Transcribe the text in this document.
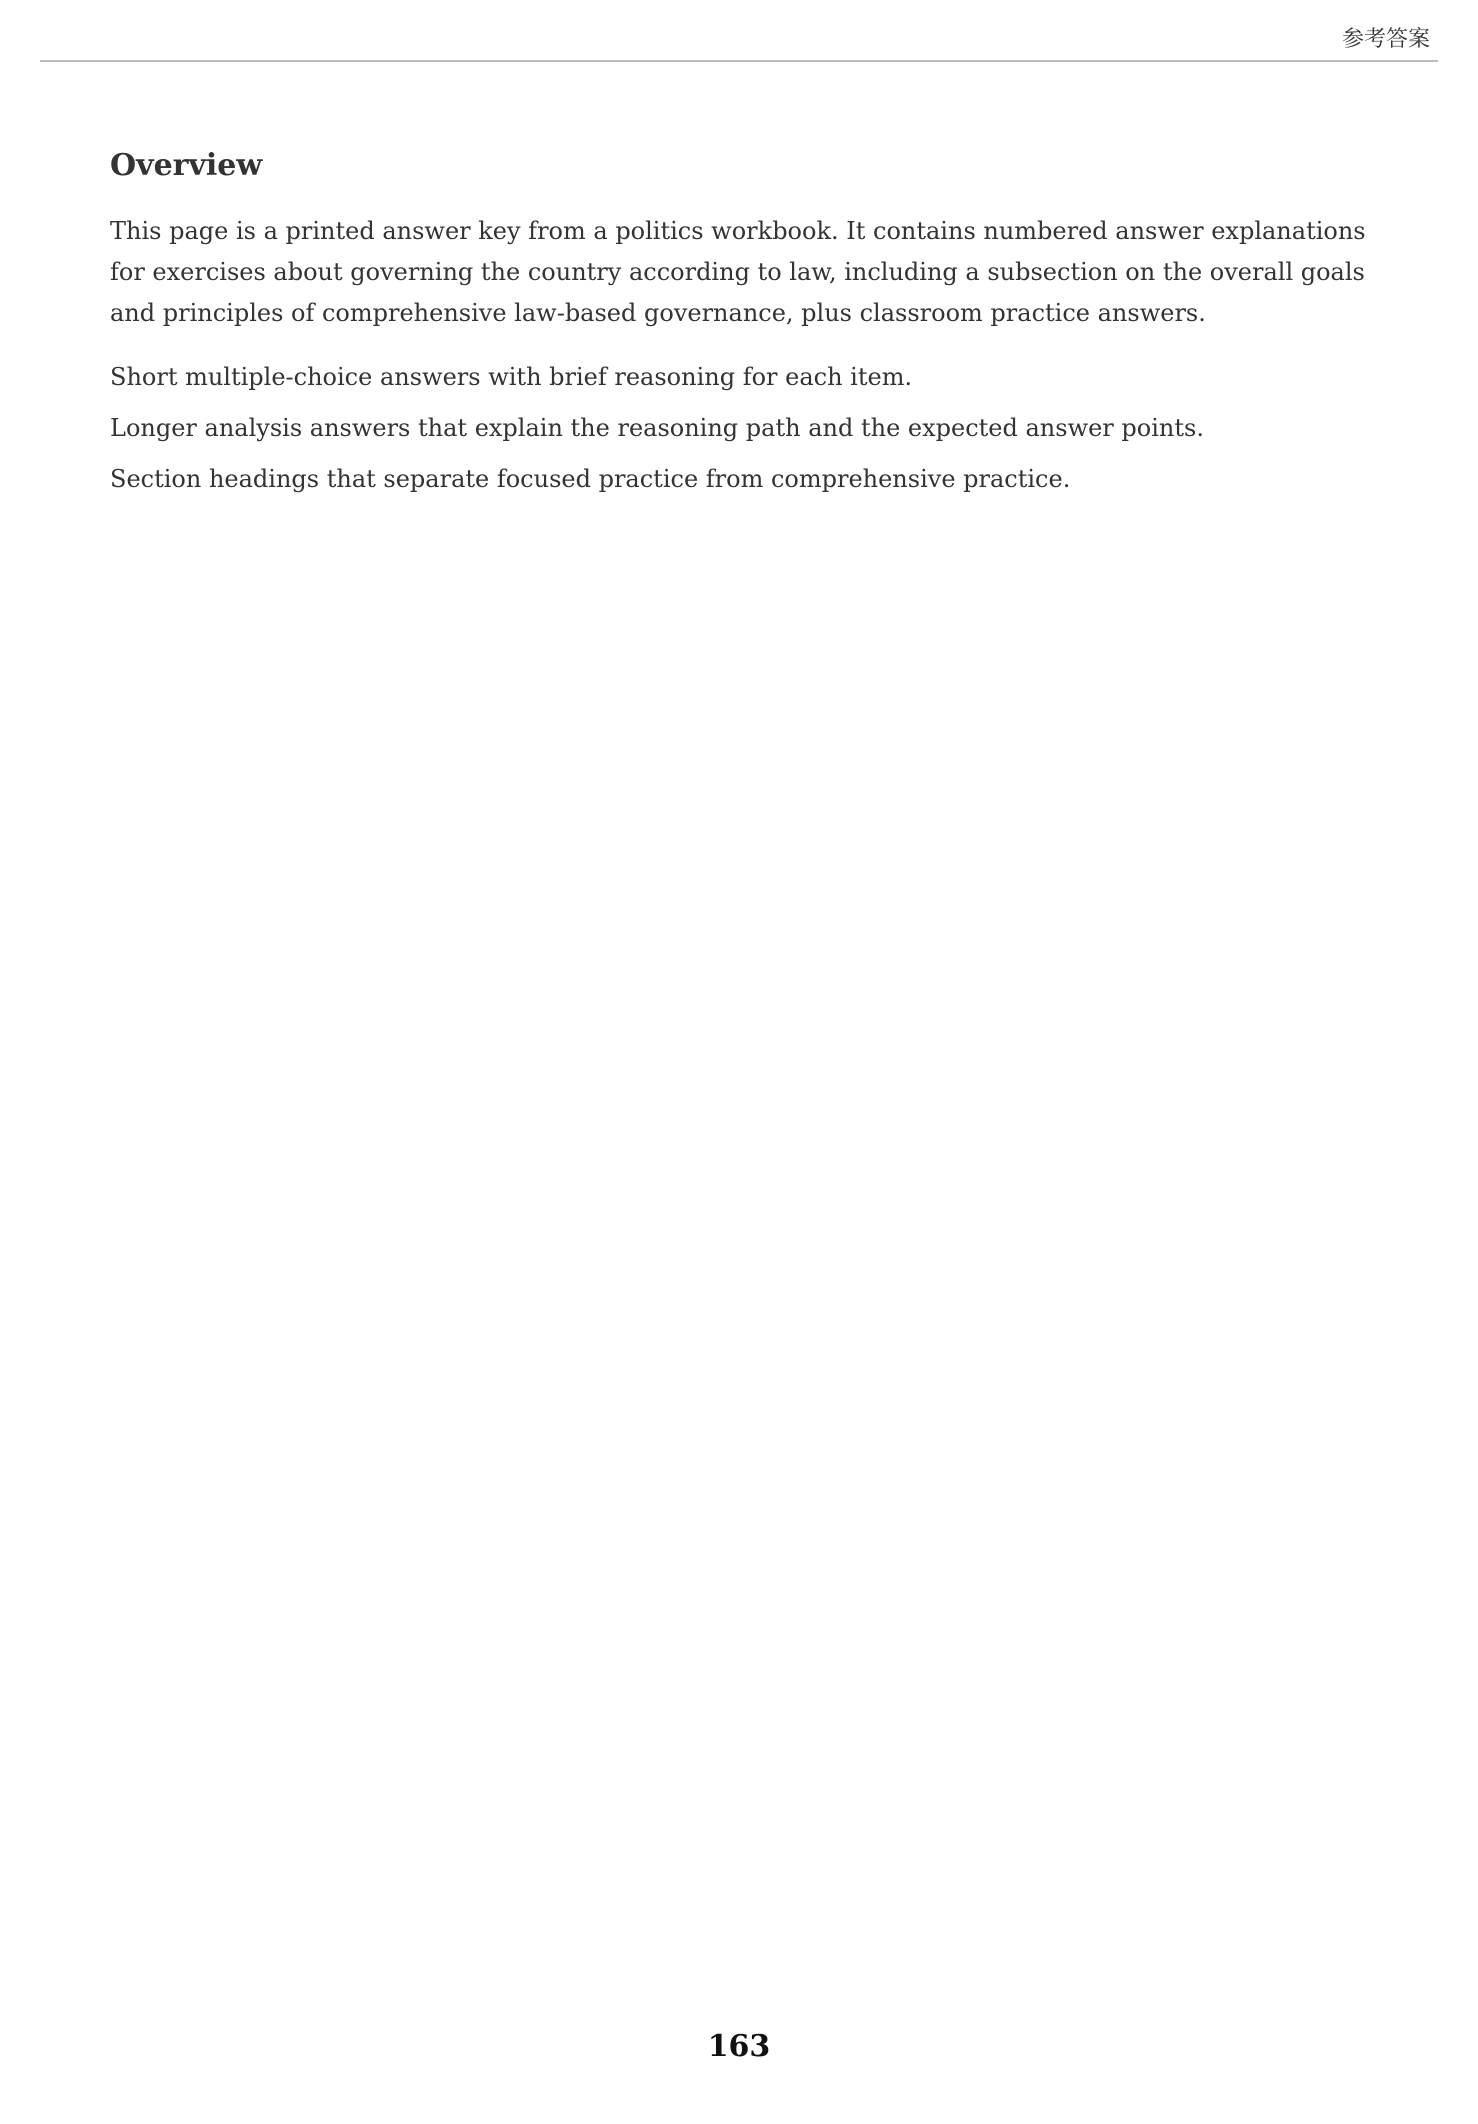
参考答案
Overview
This page is a printed answer key from a politics workbook. It contains numbered answer explanations for exercises about governing the country according to law, including a subsection on the overall goals and principles of comprehensive law-based governance, plus classroom practice answers.
Short multiple-choice answers with brief reasoning for each item.
Longer analysis answers that explain the reasoning path and the expected answer points.
Section headings that separate focused practice from comprehensive practice.
163
